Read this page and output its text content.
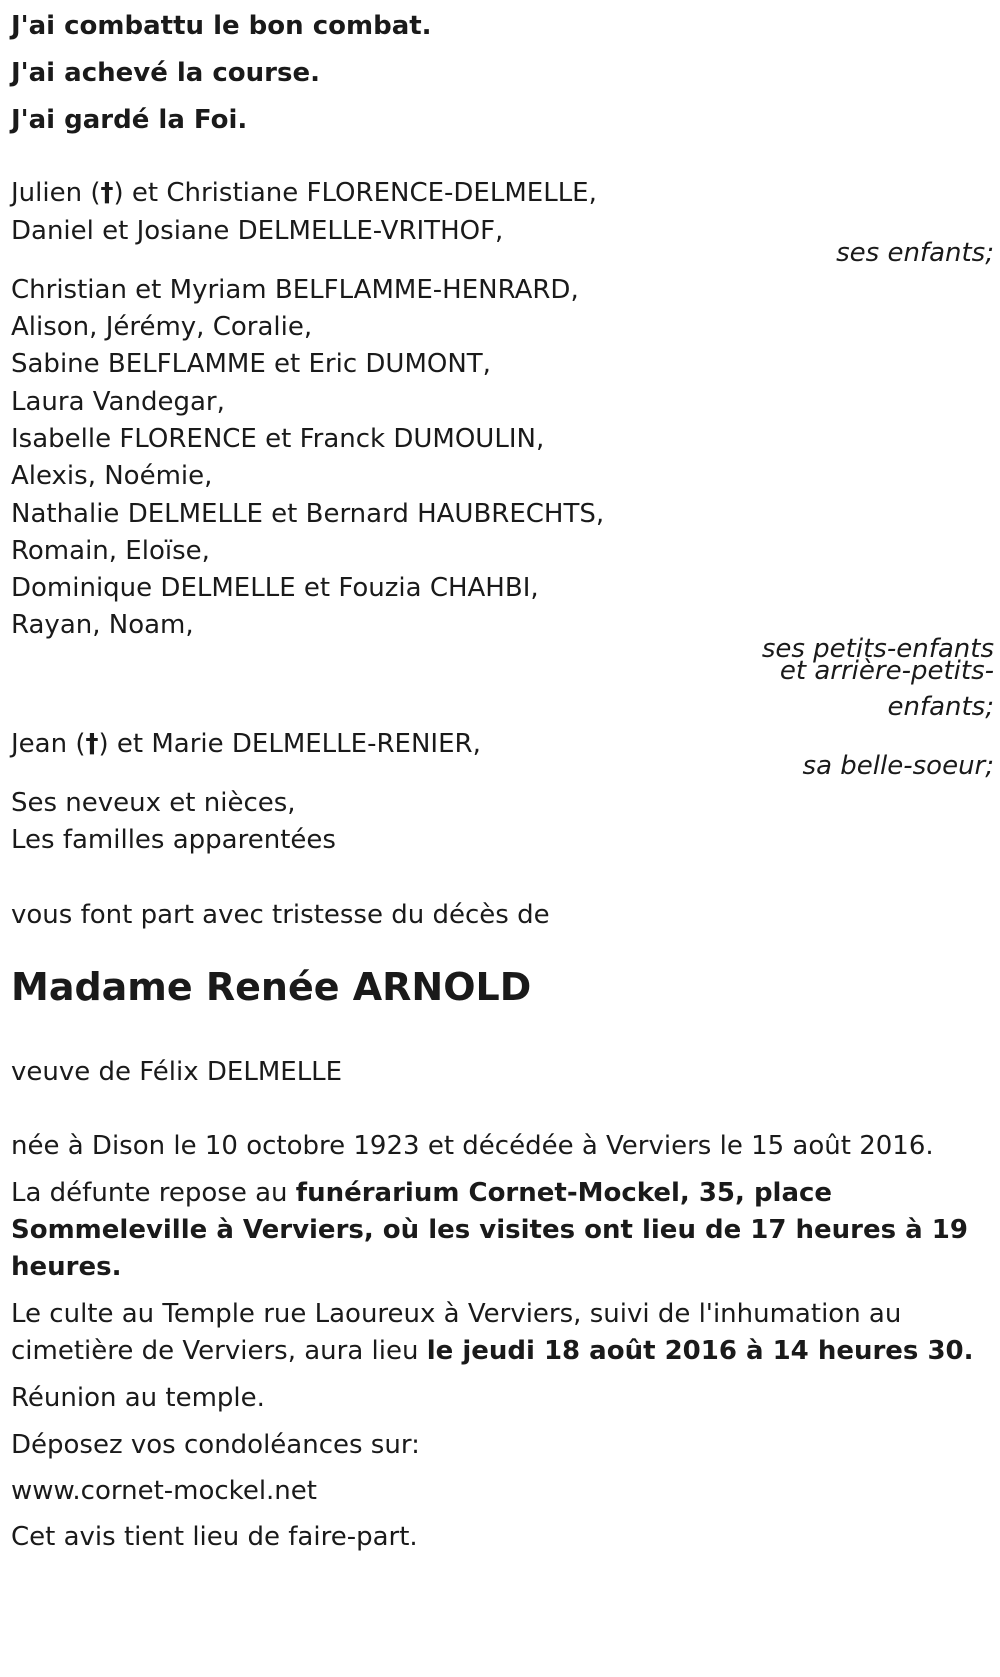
J'ai combattu le bon combat.
J'ai achevé la course.
J'ai gardé la Foi.
Julien (†) et Christiane FLORENCE-DELMELLE,
Daniel et Josiane DELMELLE-VRITHOF,
ses enfants;
Christian et Myriam BELFLAMME-HENRARD,
Alison, Jérémy, Coralie,
Sabine BELFLAMME et Eric DUMONT,
Laura Vandegar,
Isabelle FLORENCE et Franck DUMOULIN,
Alexis, Noémie,
Nathalie DELMELLE et Bernard HAUBRECHTS,
Romain, Eloïse,
Dominique DELMELLE et Fouzia CHAHBI,
Rayan, Noam,
ses petits-enfants
et arrière-petits-
enfants;
Jean (†) et Marie DELMELLE-RENIER,
sa belle-soeur;
Ses neveux et nièces,
Les familles apparentées
vous font part avec tristesse du décès de
Madame Renée ARNOLD
veuve de Félix DELMELLE
née à Dison le 10 octobre 1923 et décédée à Verviers le 15 août 2016.
La défunte repose au funérarium Cornet-Mockel, 35, place
Sommeleville à Verviers, où les visites ont lieu de 17 heures à 19
heures.
Le culte au Temple rue Laoureux à Verviers, suivi de l'inhumation au
cimetière de Verviers, aura lieu le jeudi 18 août 2016 à 14 heures 30.
Réunion au temple.
Déposez vos condoléances sur:
www.cornet-mockel.net
Cet avis tient lieu de faire-part.
